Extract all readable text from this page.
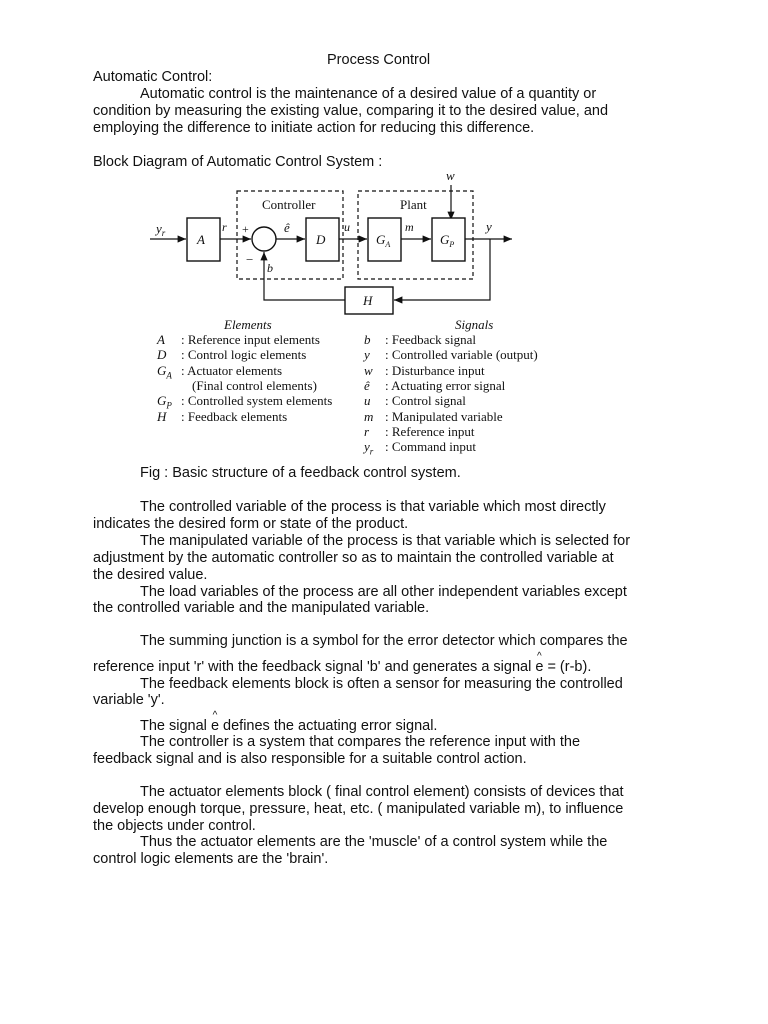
Process Control
Automatic Control:
Automatic control is the maintenance of a desired value of a quantity or
condition by measuring the existing value, comparing it to the desired value, and
employing the difference to initiate action for reducing this difference.
Block Diagram of Automatic Control System :
Controller	Plant
w
$y_r$ A
r +	ê
D
u
$G_A$
m
$G_P$
y
H
−
b
Elements	Signals
A : Reference input elements
D : Control logic elements
$G_A$ : Actuator elements
(Final control elements)
$G_P$ : Controlled system elements
H : Feedback elements
b : Feedback signal
y : Controlled variable (output)
w : Disturbance input
ê : Actuating error signal
u : Control signal
m : Manipulated variable
r : Reference input
$y_r$ : Command input
Fig : Basic structure of a feedback control system.
The controlled variable of the process is that variable which most directly
indicates the desired form or state of the product.
The manipulated variable of the process is that variable which is selected for
adjustment by the automatic controller so as to maintain the controlled variable at
the desired value.
The load variables of the process are all other independent variables except
the controlled variable and the manipulated variable.
The summing junction is a symbol for the error detector which compares the
reference input 'r' with the feedback signal 'b' and generates a signal
^
e = (r-b).
The feedback elements block is often a sensor for measuring the controlled
variable 'y'.
The signal
^
e defines the actuating error signal.
The controller is a system that compares the reference input with the
feedback signal and is also responsible for a suitable control action.
The actuator elements block ( final control element) consists of devices that
develop enough torque, pressure, heat, etc. ( manipulated variable m), to influence
the objects under control.
Thus the actuator elements are the 'muscle' of a control system while the
control logic elements are the 'brain'.
